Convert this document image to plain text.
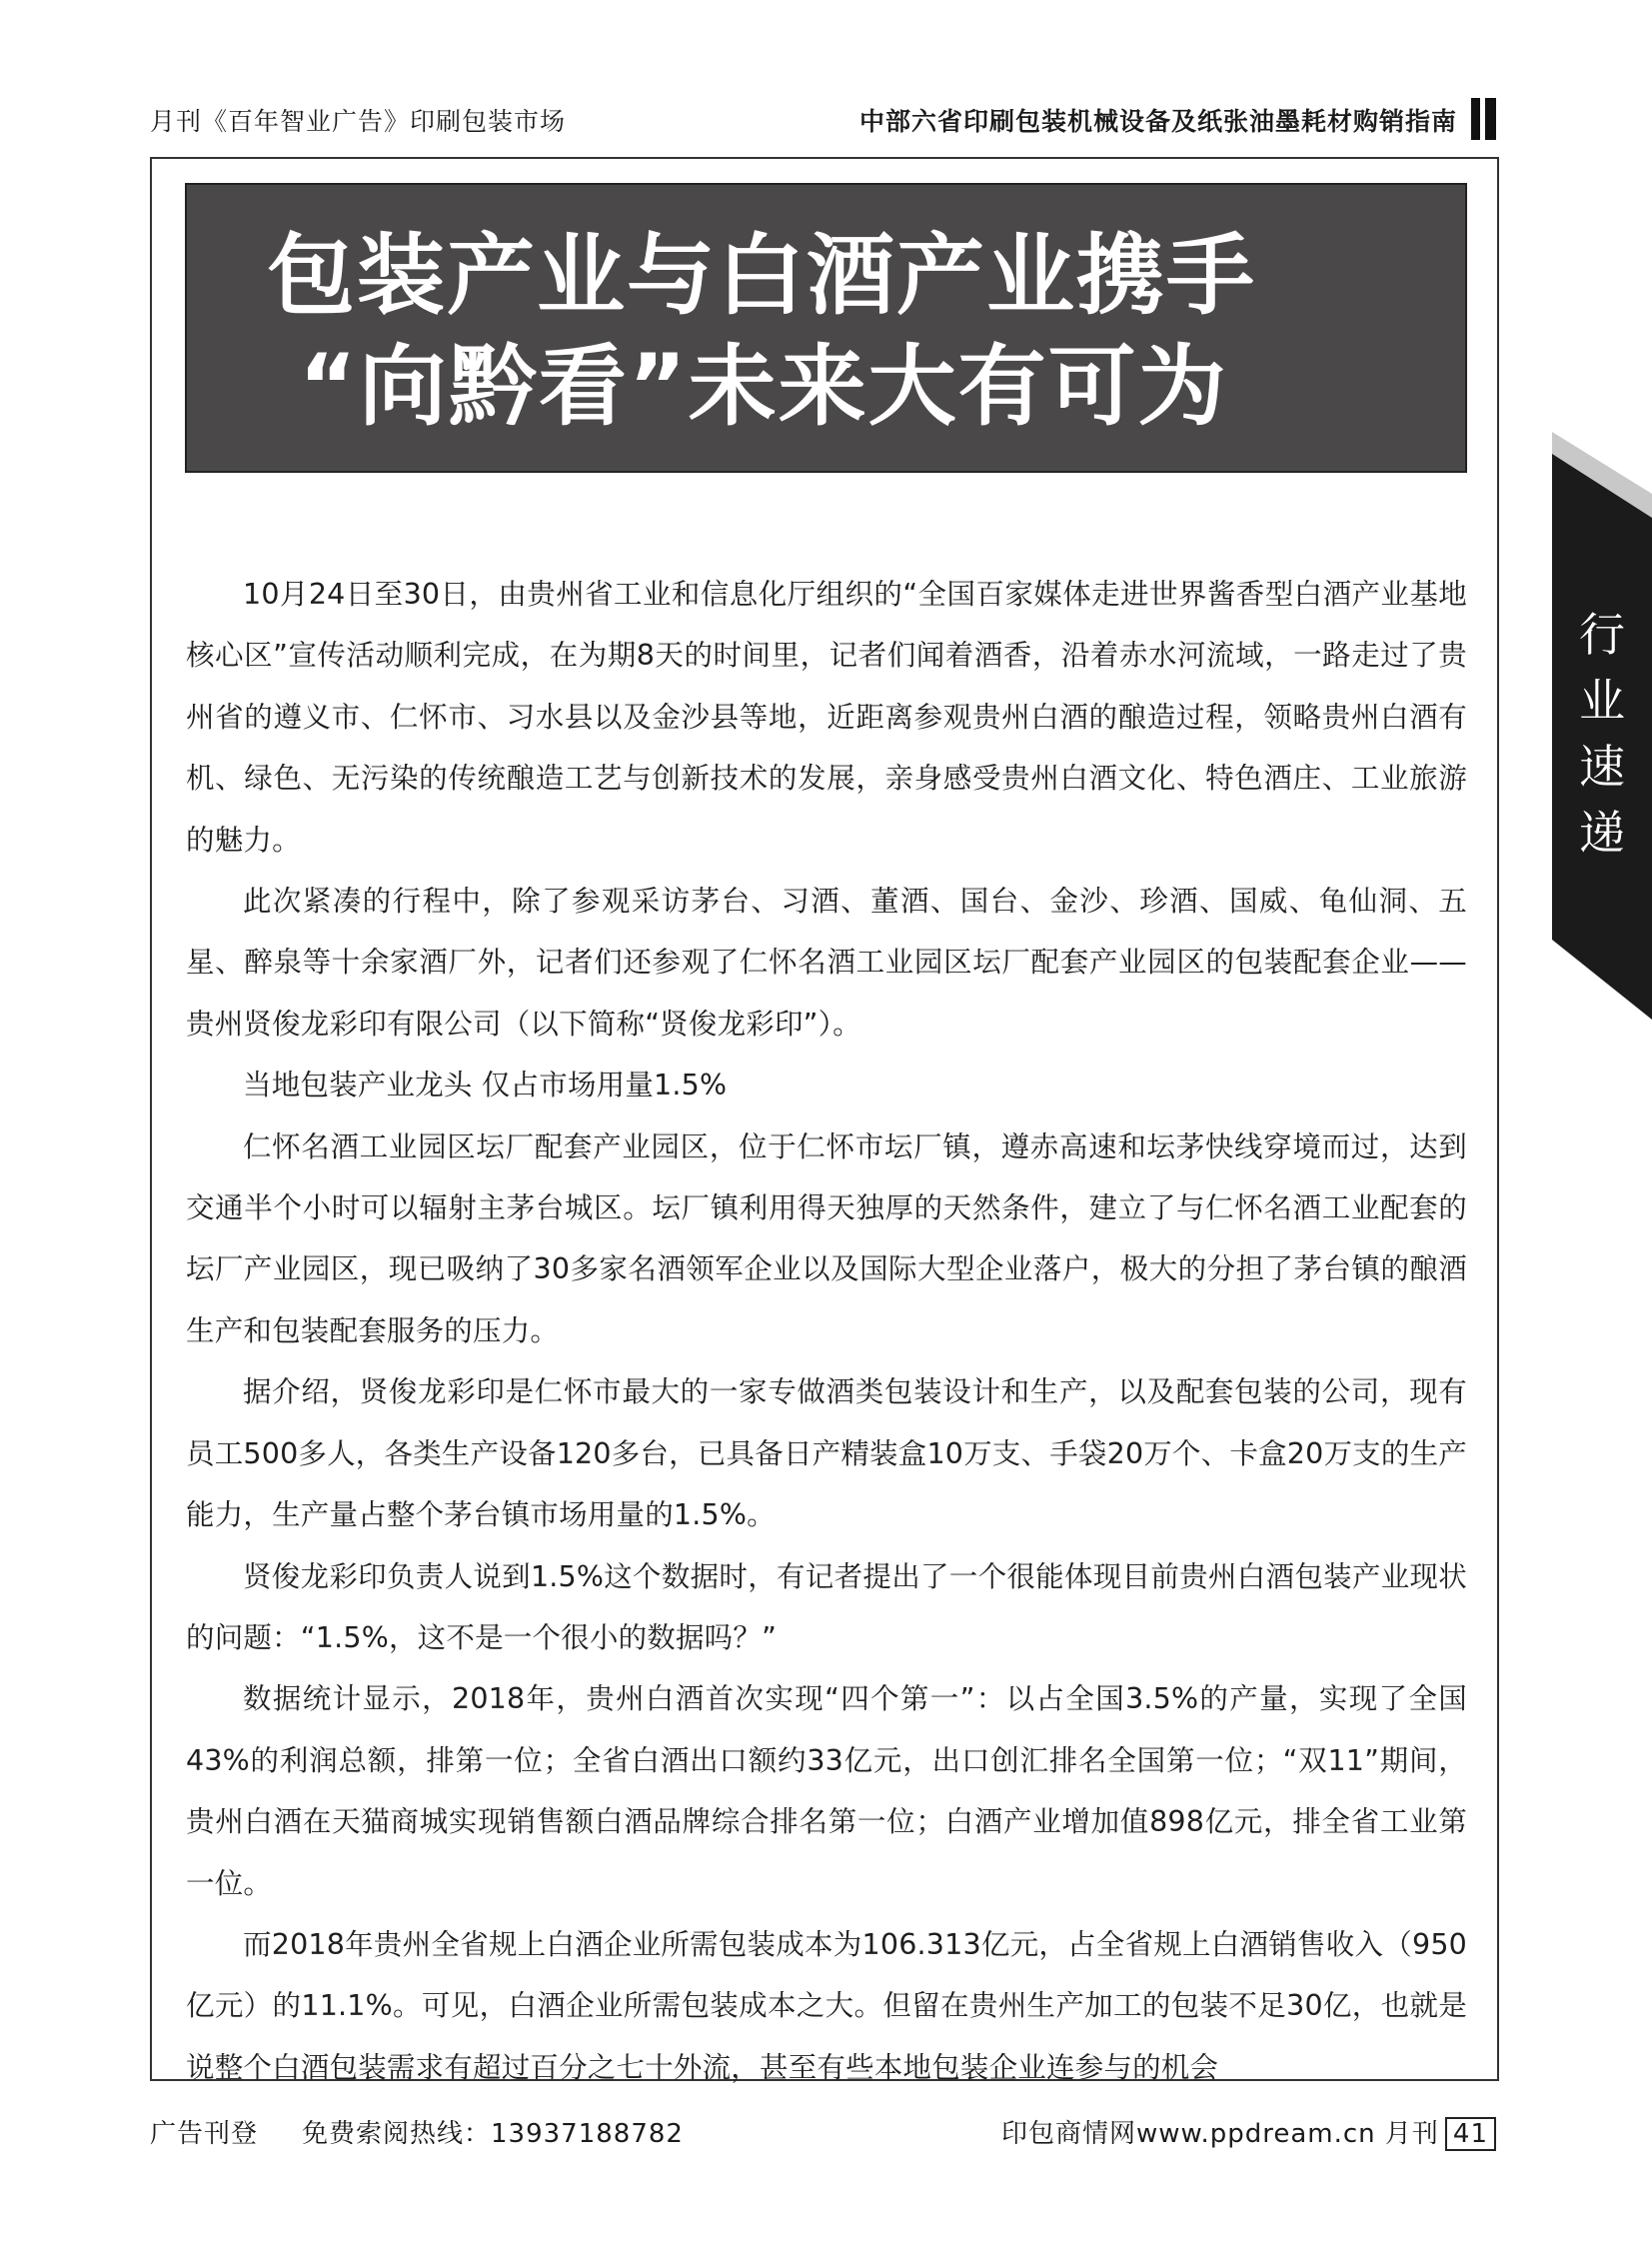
月刊《百年智业广告》印刷包装市场	中部六省印刷包装机械设备及纸张油墨耗材购销指南
包装产业与白酒产业携手
“向黔看”未来大有可为
行
业
速
递

10月24日至30日，由贵州省工业和信息化厅组织的“全国百家媒体走进世界酱香型白酒产业基地核心区”宣传活动顺利完成，在为期8天的时间里，记者们闻着酒香，沿着赤水河流域，一路走过了贵州省的遵义市、仁怀市、习水县以及金沙县等地，近距离参观贵州白酒的酿造过程，领略贵州白酒有机、绿色、无污染的传统酿造工艺与创新技术的发展，亲身感受贵州白酒文化、特色酒庄、工业旅游的魅力。

此次紧凑的行程中，除了参观采访茅台、习酒、董酒、国台、金沙、珍酒、国威、龟仙洞、五星、醉泉等十余家酒厂外，记者们还参观了仁怀名酒工业园区坛厂配套产业园区的包装配套企业——贵州贤俊龙彩印有限公司（以下简称“贤俊龙彩印”）。

当地包装产业龙头 仅占市场用量1.5%

仁怀名酒工业园区坛厂配套产业园区，位于仁怀市坛厂镇，遵赤高速和坛茅快线穿境而过，达到交通半个小时可以辐射主茅台城区。坛厂镇利用得天独厚的天然条件，建立了与仁怀名酒工业配套的坛厂产业园区，现已吸纳了30多家名酒领军企业以及国际大型企业落户，极大的分担了茅台镇的酿酒生产和包装配套服务的压力。

据介绍，贤俊龙彩印是仁怀市最大的一家专做酒类包装设计和生产，以及配套包装的公司，现有员工500多人，各类生产设备120多台，已具备日产精装盒10万支、手袋20万个、卡盒20万支的生产能力，生产量占整个茅台镇市场用量的1.5%。

贤俊龙彩印负责人说到1.5%这个数据时，有记者提出了一个很能体现目前贵州白酒包装产业现状的问题：“1.5%，这不是一个很小的数据吗？”

数据统计显示，2018年，贵州白酒首次实现“四个第一”：以占全国3.5%的产量，实现了全国43%的利润总额，排第一位；全省白酒出口额约33亿元，出口创汇排名全国第一位；“双11”期间，贵州白酒在天猫商城实现销售额白酒品牌综合排名第一位；白酒产业增加值898亿元，排全省工业第一位。

而2018年贵州全省规上白酒企业所需包装成本为106.313亿元，占全省规上白酒销售收入（950亿元）的11.1%。可见，白酒企业所需包装成本之大。但留在贵州生产加工的包装不足30亿，也就是说整个白酒包装需求有超过百分之七十外流，甚至有些本地包装企业连参与的机会

广告刊登 免费索阅热线：13937188782	印包商情网www.ppdream.cn 月刊 41
